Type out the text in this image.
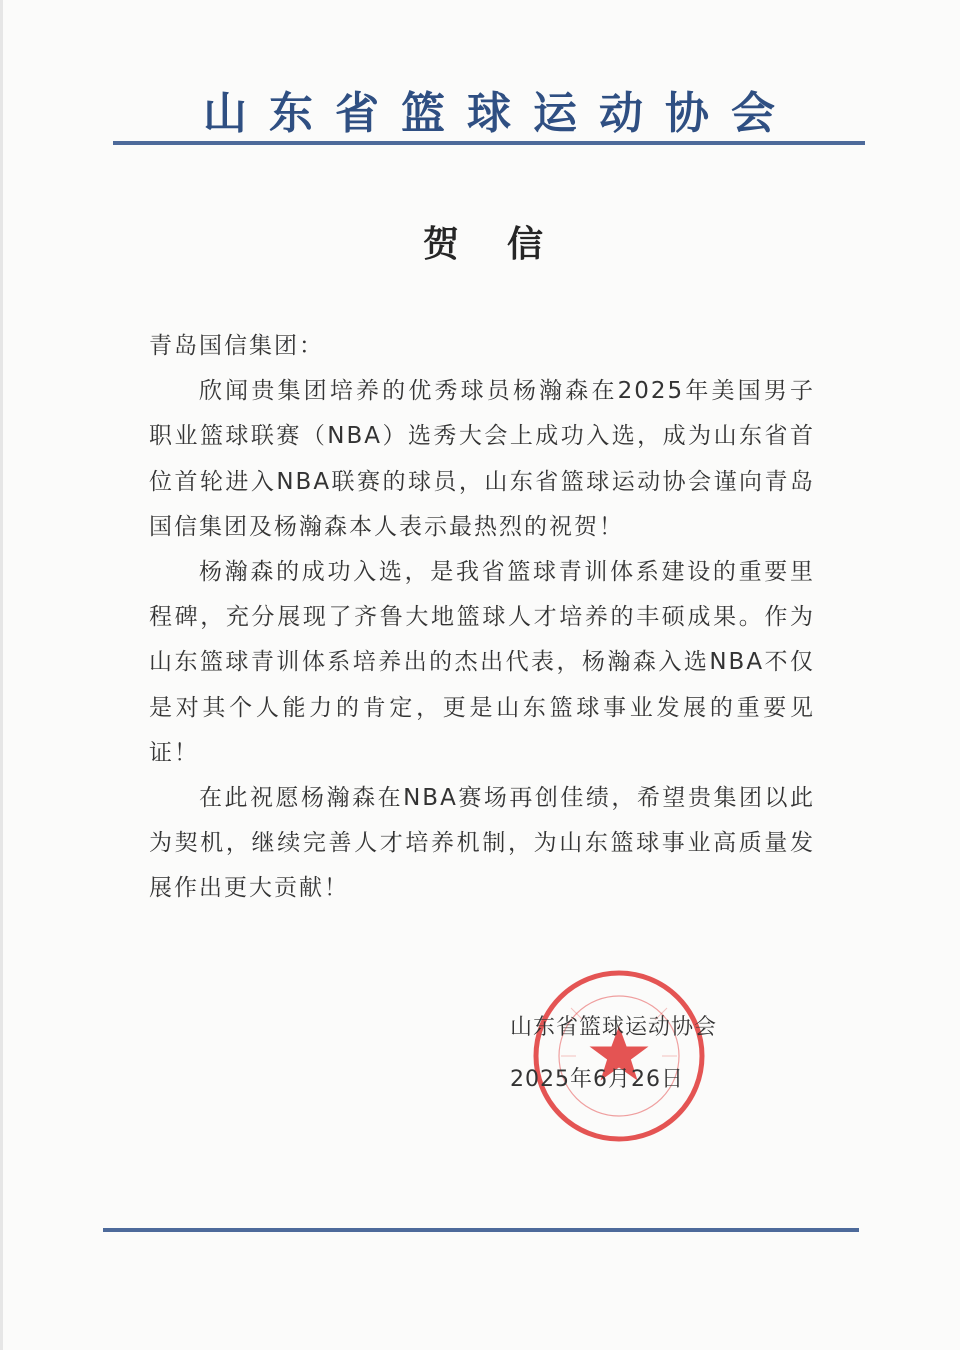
山东省篮球运动协会
贺信

青岛国信集团：

欣闻贵集团培养的优秀球员杨瀚森在2025年美国男子职业篮球联赛（NBA）选秀大会上成功入选，成为山东省首位首轮进入NBA联赛的球员，山东省篮球运动协会谨向青岛国信集团及杨瀚森本人表示最热烈的祝贺！

杨瀚森的成功入选，是我省篮球青训体系建设的重要里程碑，充分展现了齐鲁大地篮球人才培养的丰硕成果。作为山东篮球青训体系培养出的杰出代表，杨瀚森入选NBA不仅是对其个人能力的肯定，更是山东篮球事业发展的重要见证！

在此祝愿杨瀚森在NBA赛场再创佳绩，希望贵集团以此为契机，继续完善人才培养机制，为山东篮球事业高质量发展作出更大贡献！

山东省篮球运动协会
2025年6月26日
